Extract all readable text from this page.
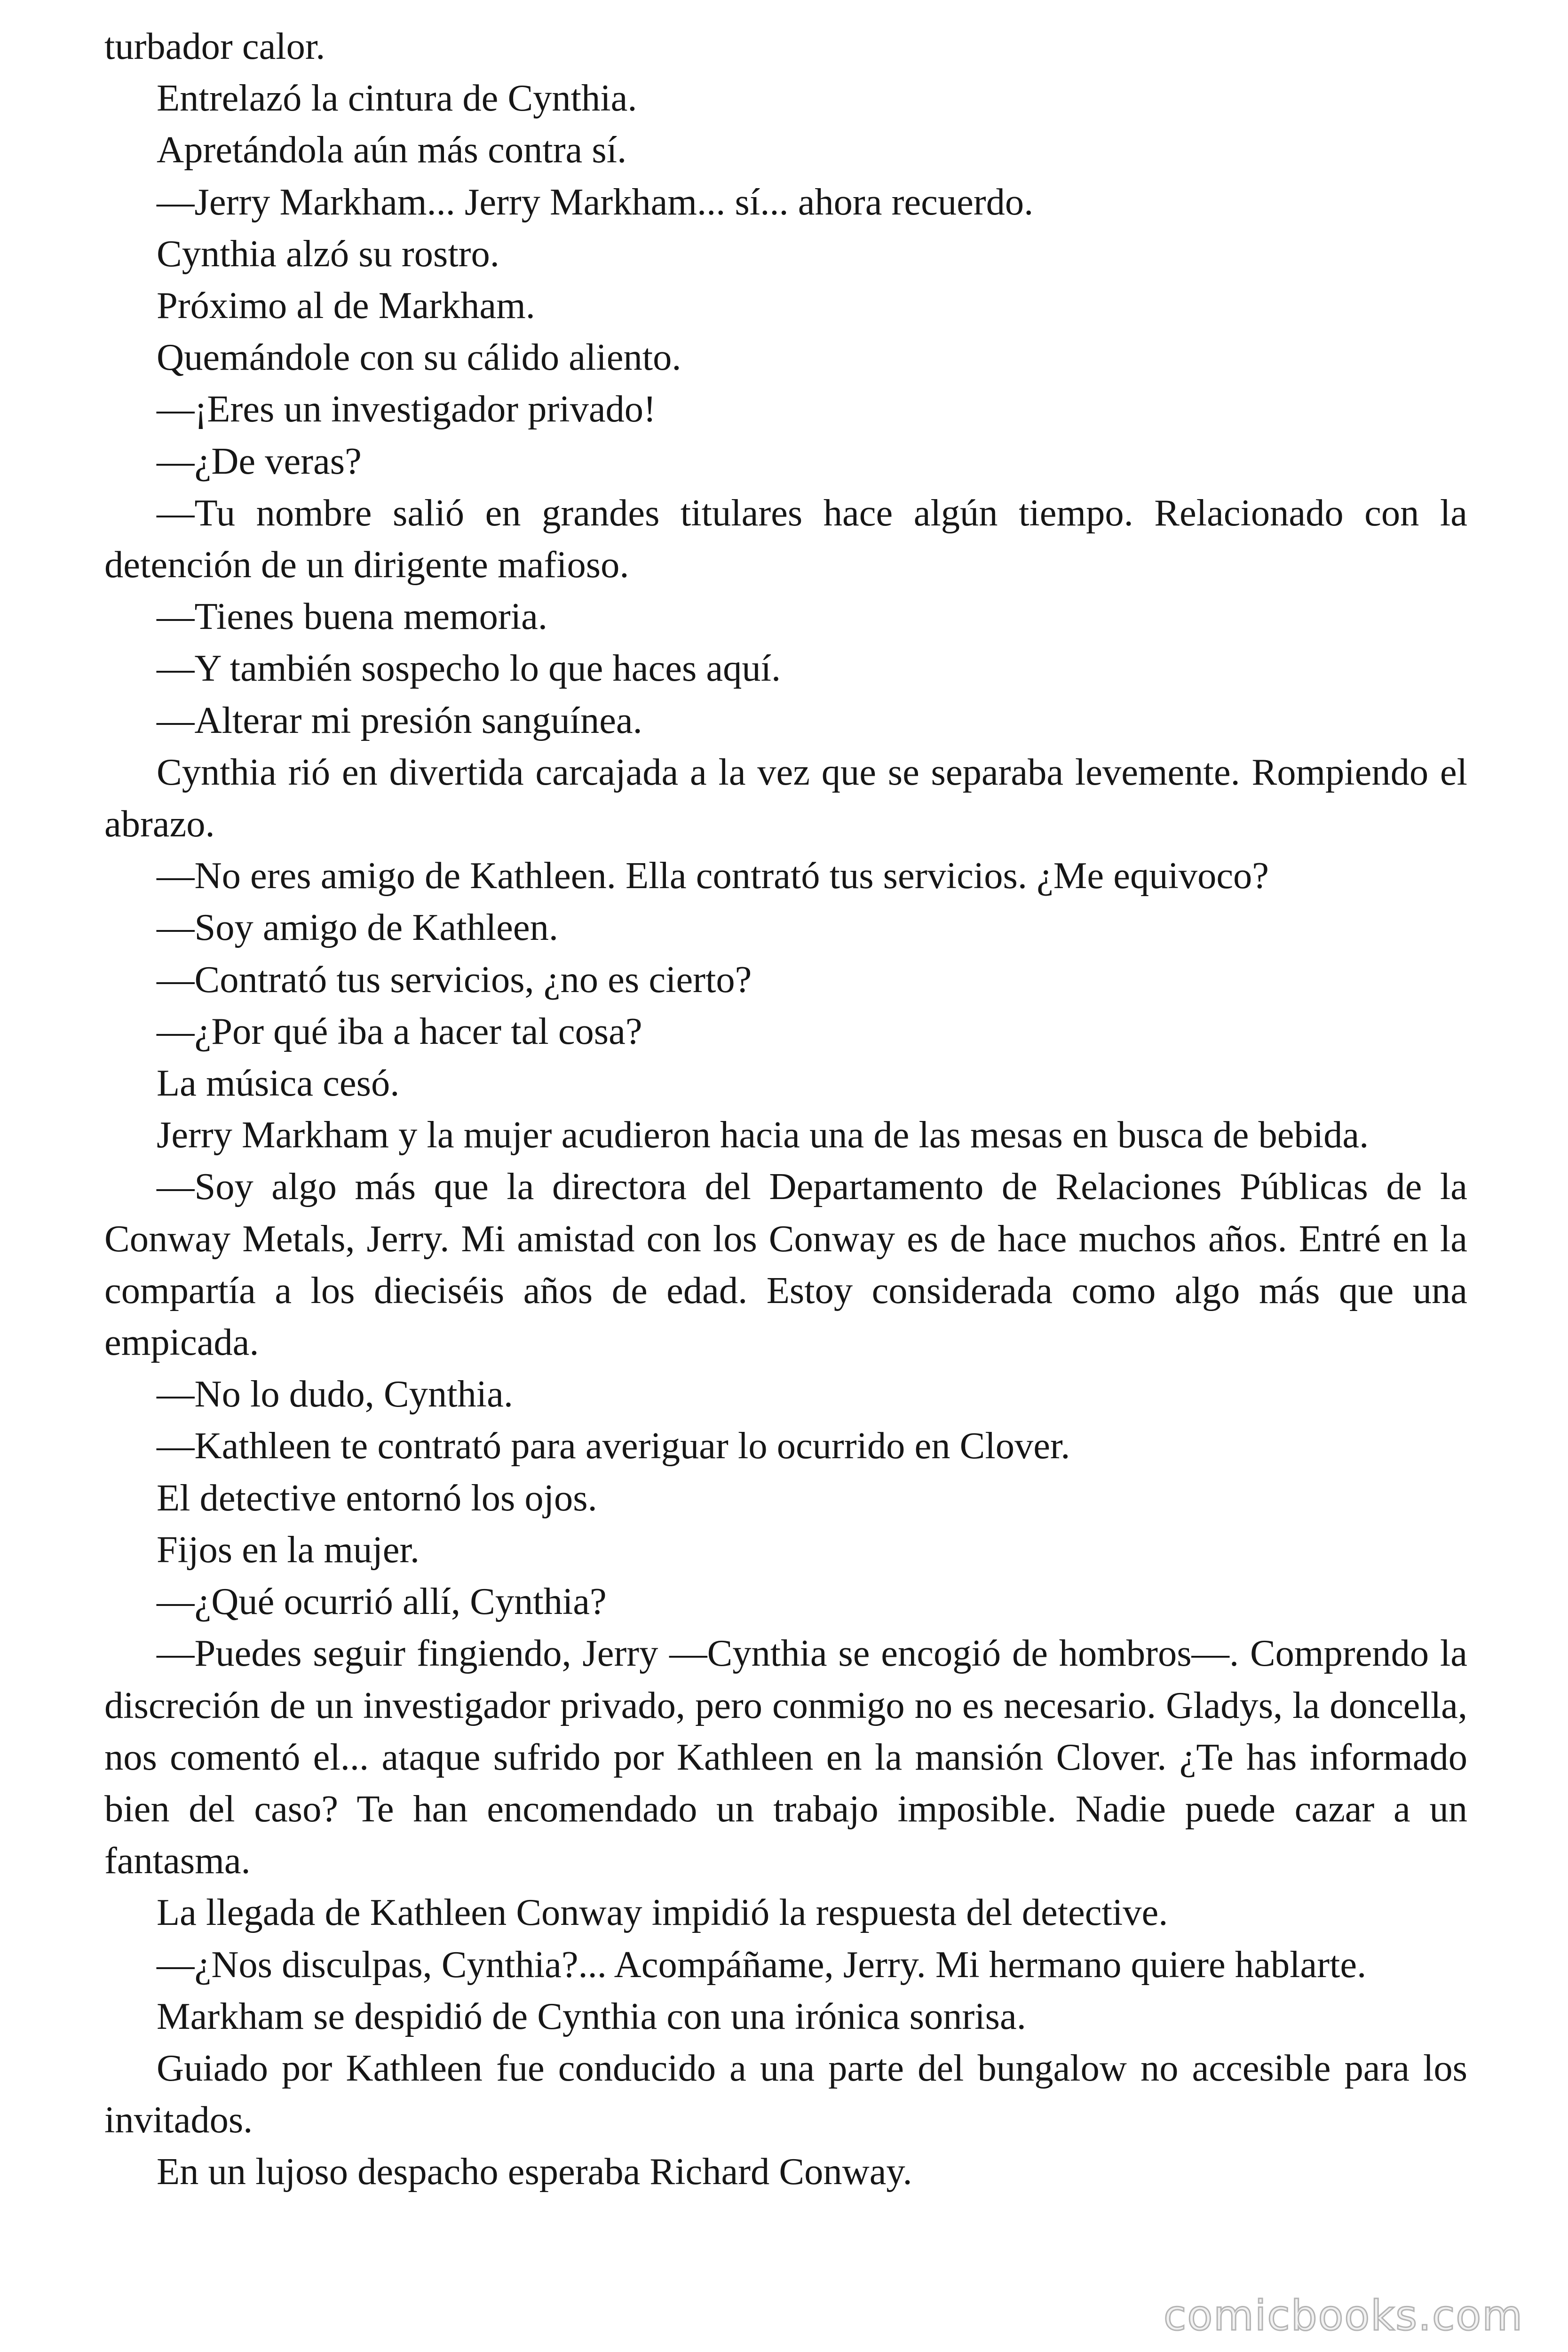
turbador calor.

Entrelazó la cintura de Cynthia.

Apretándola aún más contra sí.

—Jerry Markham... Jerry Markham... sí... ahora recuerdo.

Cynthia alzó su rostro.

Próximo al de Markham.

Quemándole con su cálido aliento.

—¡Eres un investigador privado!

—¿De veras?

—Tu nombre salió en grandes titulares hace algún tiempo. Relacionado con la detención de un dirigente mafioso.

—Tienes buena memoria.

—Y también sospecho lo que haces aquí.

—Alterar mi presión sanguínea.

Cynthia rió en divertida carcajada a la vez que se separaba levemente. Rompiendo el abrazo.

—No eres amigo de Kathleen. Ella contrató tus servicios. ¿Me equivoco?

—Soy amigo de Kathleen.

—Contrató tus servicios, ¿no es cierto?

—¿Por qué iba a hacer tal cosa?

La música cesó.

Jerry Markham y la mujer acudieron hacia una de las mesas en busca de bebida.

—Soy algo más que la directora del Departamento de Relaciones Públicas de la Conway Metals, Jerry. Mi amistad con los Conway es de hace muchos años. Entré en la compartía a los dieciséis años de edad. Estoy considerada como algo más que una empicada.

—No lo dudo, Cynthia.

—Kathleen te contrató para averiguar lo ocurrido en Clover.

El detective entornó los ojos.

Fijos en la mujer.

—¿Qué ocurrió allí, Cynthia?

—Puedes seguir fingiendo, Jerry —Cynthia se encogió de hombros—. Comprendo la discreción de un investigador privado, pero conmigo no es necesario. Gladys, la doncella, nos comentó el... ataque sufrido por Kathleen en la mansión Clover. ¿Te has informado bien del caso? Te han encomendado un trabajo imposible. Nadie puede cazar a un fantasma.

La llegada de Kathleen Conway impidió la respuesta del detective.

—¿Nos disculpas, Cynthia?... Acompáñame, Jerry. Mi hermano quiere hablarte.

Markham se despidió de Cynthia con una irónica sonrisa.

Guiado por Kathleen fue conducido a una parte del bungalow no accesible para los invitados.

En un lujoso despacho esperaba Richard Conway.

comicbooks.com
